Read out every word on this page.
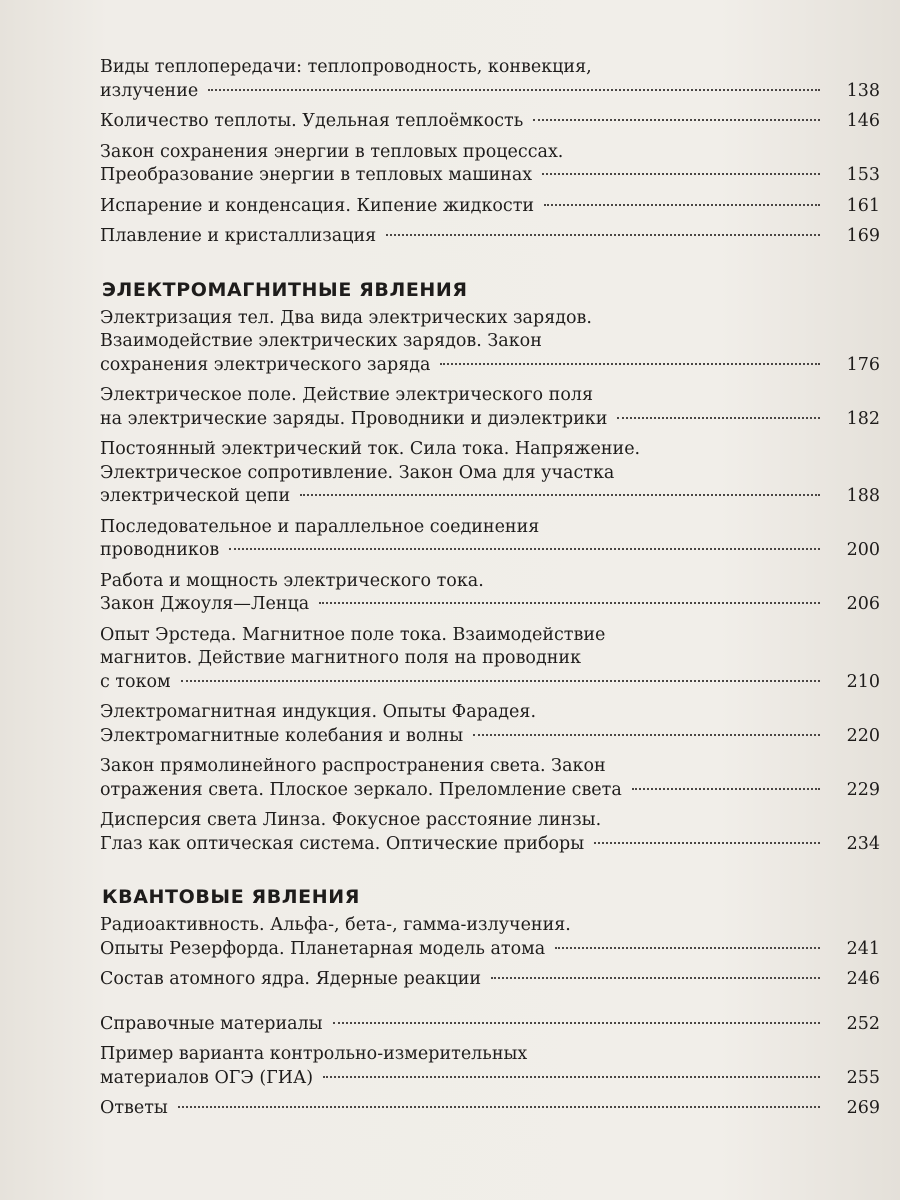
Виды теплопередачи: теплопроводность, конвекция,
излучение	138
Количество теплоты. Удельная теплоёмкость	146
Закон сохранения энергии в тепловых процессах.
Преобразование энергии в тепловых машинах	153
Испарение и конденсация. Кипение жидкости	161
Плавление и кристаллизация	169
ЭЛЕКТРОМАГНИТНЫЕ ЯВЛЕНИЯ
Электризация тел. Два вида электрических зарядов.
Взаимодействие электрических зарядов. Закон
сохранения электрического заряда	176
Электрическое поле. Действие электрического поля
на электрические заряды. Проводники и диэлектрики	182
Постоянный электрический ток. Сила тока. Напряжение.
Электрическое сопротивление. Закон Ома для участка
электрической цепи	188
Последовательное и параллельное соединения
проводников	200
Работа и мощность электрического тока.
Закон Джоуля—Ленца	206
Опыт Эрстеда. Магнитное поле тока. Взаимодействие
магнитов. Действие магнитного поля на проводник
с током	210
Электромагнитная индукция. Опыты Фарадея.
Электромагнитные колебания и волны	220
Закон прямолинейного распространения света. Закон
отражения света. Плоское зеркало. Преломление света	229
Дисперсия света Линза. Фокусное расстояние линзы.
Глаз как оптическая система. Оптические приборы	234
КВАНТОВЫЕ ЯВЛЕНИЯ
Радиоактивность. Альфа-, бета-, гамма-излучения.
Опыты Резерфорда. Планетарная модель атома	241
Состав атомного ядра. Ядерные реакции	246
Справочные материалы	252
Пример варианта контрольно-измерительных
материалов ОГЭ (ГИА)	255
Ответы	269
